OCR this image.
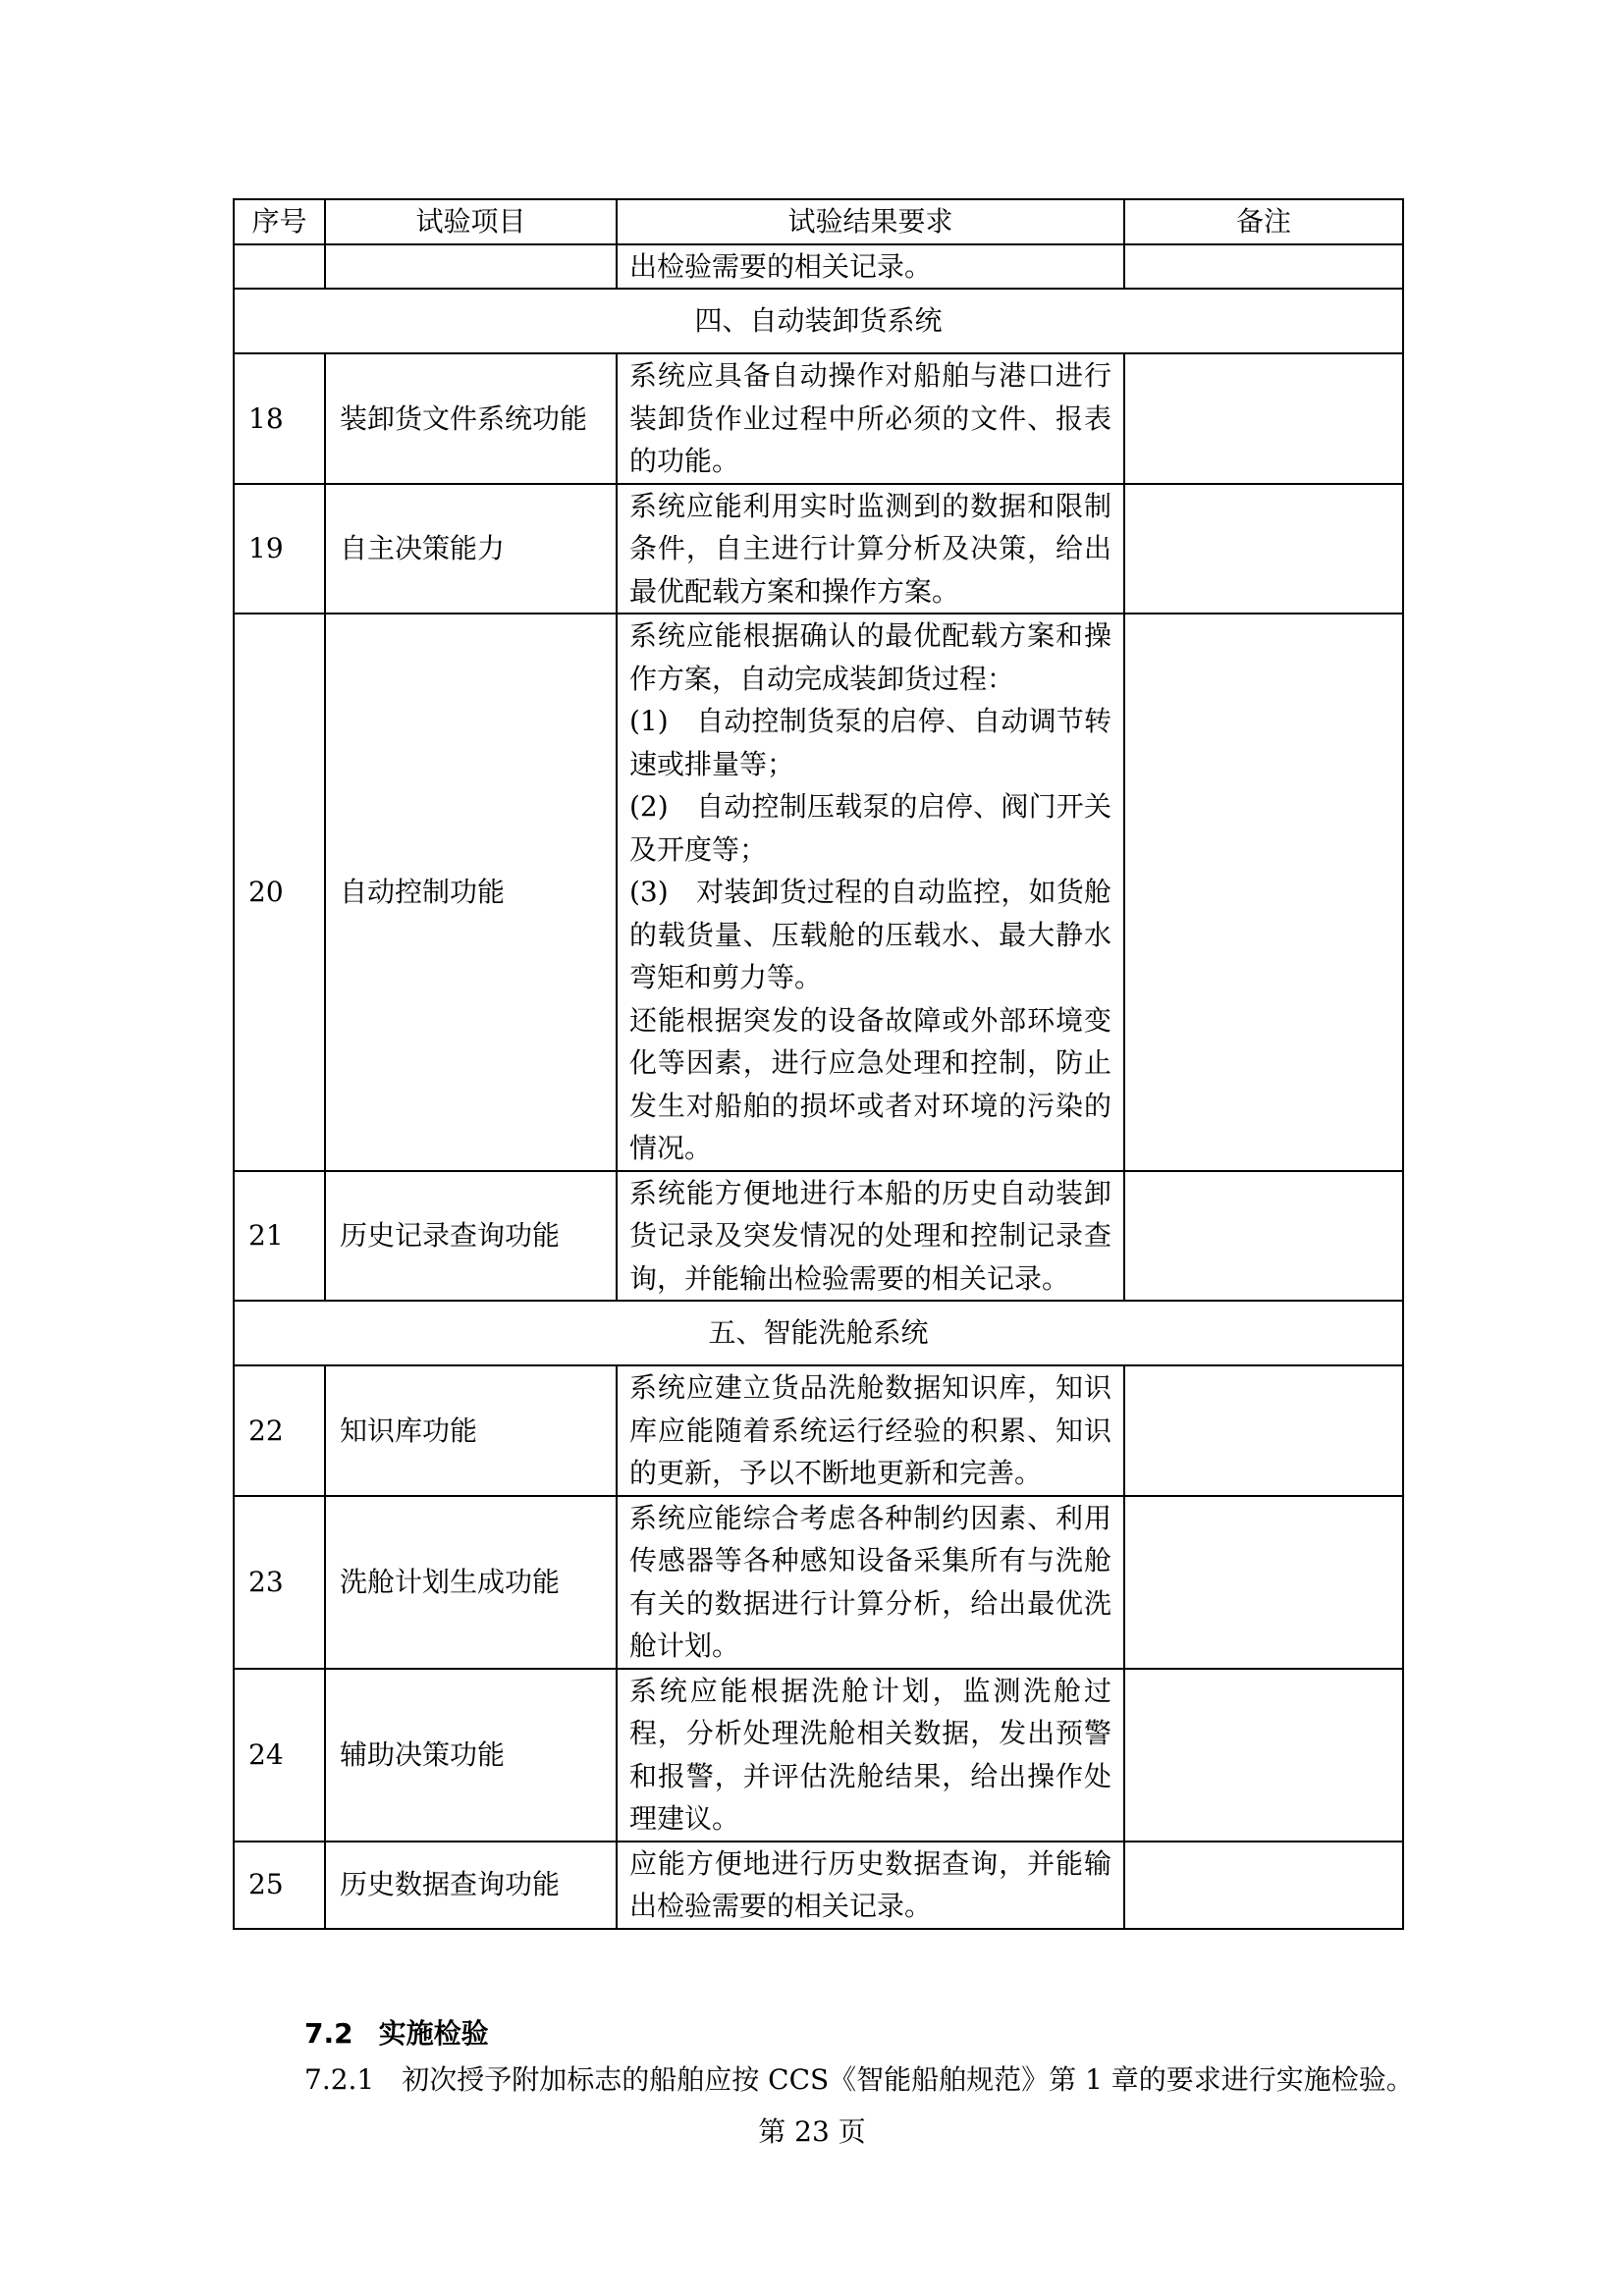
序号	试验项目	试验结果要求	备注
		出检验需要的相关记录。	
四、自动装卸货系统			
18	装卸货文件系统功能	系统应具备自动操作对船舶与港口进行装卸货作业过程中所必须的文件、报表的功能。	

19	自主决策能力	系统应能利用实时监测到的数据和限制条件，自主进行计算分析及决策，给出最优配载方案和操作方案。	

20	自动控制功能	系统应能根据确认的最优配载方案和操作方案，自动完成装卸货过程：
(1)　自动控制货泵的启停、自动调节转速或排量等；
(2)　自动控制压载泵的启停、阀门开关及开度等；
(3)　对装卸货过程的自动监控，如货舱的载货量、压载舱的压载水、最大静水弯矩和剪力等。
还能根据突发的设备故障或外部环境变化等因素，进行应急处理和控制，防止发生对船舶的损坏或者对环境的污染的情况。	

21	历史记录查询功能	系统能方便地进行本船的历史自动装卸货记录及突发情况的处理和控制记录查询，并能输出检验需要的相关记录。	

五、智能洗舱系统			
22	知识库功能	系统应建立货品洗舱数据知识库，知识库应能随着系统运行经验的积累、知识的更新，予以不断地更新和完善。	

23	洗舱计划生成功能	系统应能综合考虑各种制约因素、利用传感器等各种感知设备采集所有与洗舱有关的数据进行计算分析，给出最优洗舱计划。	

24	辅助决策功能	系统应能根据洗舱计划，监测洗舱过程，分析处理洗舱相关数据，发出预警和报警，并评估洗舱结果，给出操作处理建议。	

25	历史数据查询功能	应能方便地进行历史数据查询，并能输出检验需要的相关记录。	

7.2 实施检验
7.2.1 初次授予附加标志的船舶应按 CCS《智能船舶规范》第 1 章的要求进行实施检验。
第 23 页
